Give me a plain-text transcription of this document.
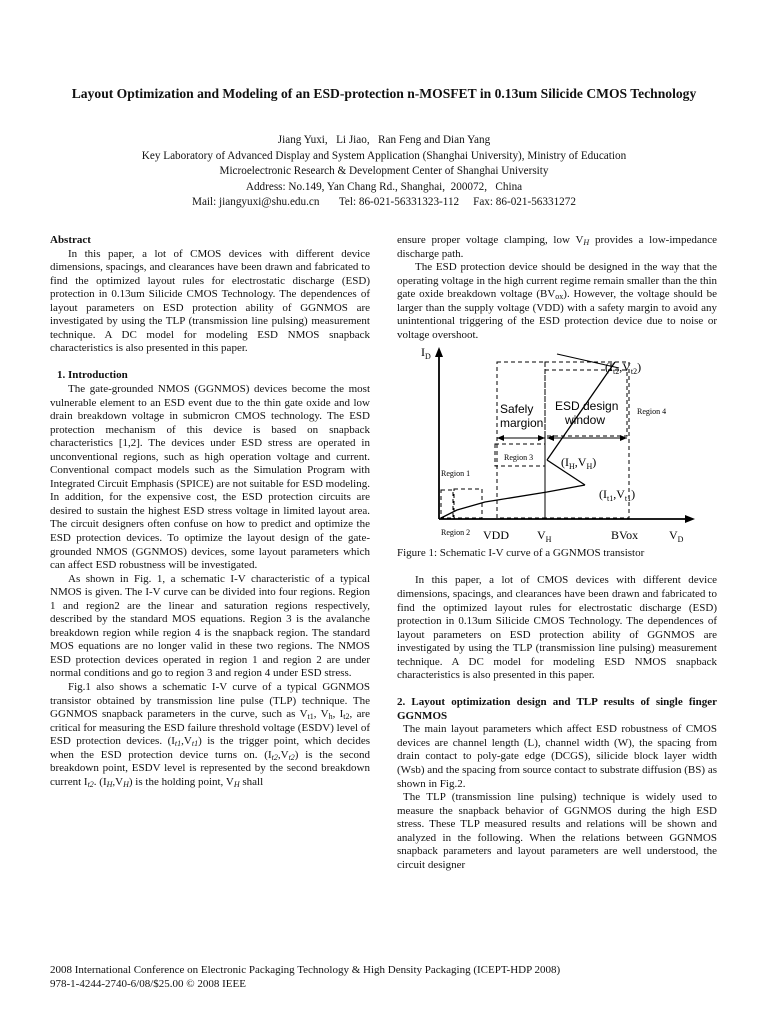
Layout Optimization and Modeling of an ESD-protection n-MOSFET in 0.13um Silicide CMOS Technology
Jiang Yuxi,   Li Jiao,   Ran Feng and Dian Yang
Key Laboratory of Advanced Display and System Application (Shanghai University), Ministry of Education
Microelectronic Research & Development Center of Shanghai University
Address: No.149, Yan Chang Rd., Shanghai,  200072,   China
Mail: jiangyuxi@shu.edu.cn       Tel: 86-021-56331323-112     Fax: 86-021-56331272

Abstract

In this paper, a lot of CMOS devices with different device dimensions, spacings, and clearances have been drawn and fabricated to find the optimized layout rules for electrostatic discharge (ESD) protection in 0.13um Silicide CMOS Technology. The dependences of layout parameters on ESD protection ability of GGNMOS are investigated by using the TLP (transmission line pulsing) measurement technique. A DC model for modeling ESD NMOS snapback characteristics is also presented in this paper.

1. Introduction

The gate-grounded NMOS (GGNMOS) devices become the most vulnerable element to an ESD event due to the thin gate oxide and low drain breakdown voltage in submicron CMOS technology. The ESD protection mechanism of this device is based on snapback characteristics [1,2]. The devices under ESD stress are operated in unconventional regions, such as high operation voltage and current. Conventional compact models such as the Simulation Program with Integrated Circuit Emphasis (SPICE) are not suitable for ESD modeling. In addition, for the expensive cost, the ESD protection circuits are desired to sustain the highest ESD stress voltage in limited layout area. The circuit designers often confuse on how to predict and optimize the ESD protection devices. To optimize the layout design of the gate-grounded NMOS (GGNMOS) devices, some layout parameters which can affect ESD robustness will be investigated.

As shown in Fig. 1, a schematic I-V characteristic of a typical NMOS is given. The I-V curve can be divided into four regions. Region 1 and region2 are the linear and saturation regions respectively, described by the standard MOS equations. Region 3 is the avalanche breakdown region while region 4 is the snapback region. The standard MOS equations are no longer valid in these two regions. The NMOS ESD protection devices operated in region 1 and region 2 are under normal conditions and go to region 3 and region 4 under ESD stress.

Fig.1 also shows a schematic I-V curve of a typical GGNMOS transistor obtained by transmission line pulse (TLP) technique. The GGNMOS snapback parameters in the curve, such as $V_{t1}$, $V_h$, $I_{t2}$, are critical for measuring the ESD failure threshold voltage (ESDV) level of ESD protection devices. $(I_{t1},V_{t1})$ is the trigger point, which decides when the ESD protection device turns on. $(I_{t2},V_{t2})$ is the second breakdown point, ESDV level is represented by the second breakdown current $I_{t2}$. $(I_H,V_H)$ is the holding point, $V_H$ shall

ensure proper voltage clamping, low $V_H$ provides a low-impedance discharge path.

The ESD protection device should be designed in the way that the operating voltage in the high current regime remain smaller than the thin gate oxide breakdown voltage $(BV_{ox})$. However, the voltage should be larger than the supply voltage (VDD) with a safety margin to avoid any unintentional triggering of the ESD protection device due to noise or voltage overshoot.

$I_D$
$V_D$
Safely
margion
ESD design
window
Region 1
Region 2
Region 3
Region 4
$(I_{t2},V_{t2})$
$(I_H,V_H)$
$(I_{t1},V_{t1})$
VDD $V_H$	BVox

Figure 1: Schematic I-V curve of a GGNMOS transistor

In this paper, a lot of CMOS devices with different device dimensions, spacings, and clearances have been drawn and fabricated to find the optimized layout rules for electrostatic discharge (ESD) protection in 0.13um Silicide CMOS Technology. The dependences of layout parameters on ESD protection ability of GGNMOS are investigated by using the TLP (transmission line pulsing) measurement technique. A DC model for modeling ESD NMOS snapback characteristics is also presented in this paper.

2. Layout optimization design and TLP results of single finger GGNMOS

The main layout parameters which affect ESD robustness of CMOS devices are channel length (L), channel width (W), the spacing from drain contact to poly-gate edge (DCGS), silicide block layer width (Wsb) and the spacing from source contact to substrate diffusion (BS) as shown in Fig.2.

The TLP (transmission line pulsing) technique is widely used to measure the snapback behavior of GGNMOS during the high ESD stress. These TLP measured results and relations will be shown and analyzed in the following. When the relations between GGNMOS snapback parameters and layout parameters are well understood, the circuit designer

2008 International Conference on Electronic Packaging Technology & High Density Packaging (ICEPT-HDP 2008)
978-1-4244-2740-6/08/$25.00 © 2008 IEEE
